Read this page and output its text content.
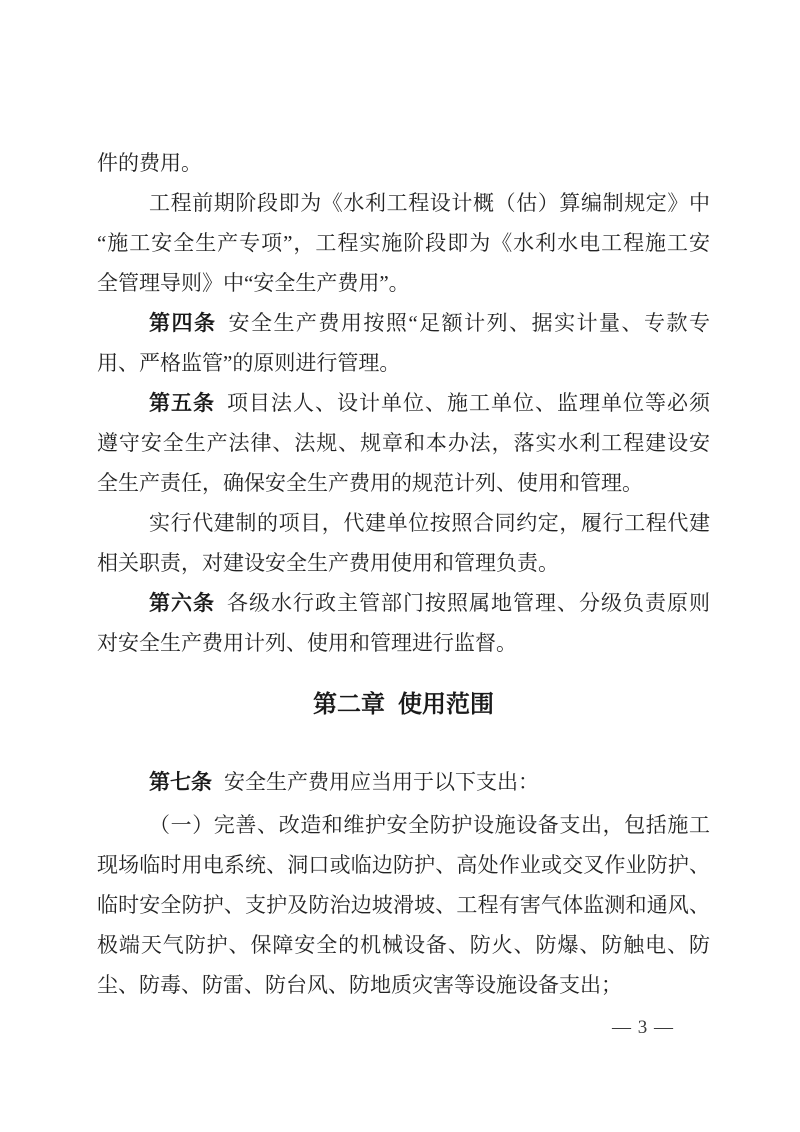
件的费用。
工程前期阶段即为《水利工程设计概（估）算编制规定》中
“施工安全生产专项”，工程实施阶段即为《水利水电工程施工安
全管理导则》中“安全生产费用”。
第四条 安全生产费用按照“足额计列、据实计量、专款专
用、严格监管”的原则进行管理。
第五条 项目法人、设计单位、施工单位、监理单位等必须
遵守安全生产法律、法规、规章和本办法，落实水利工程建设安
全生产责任，确保安全生产费用的规范计列、使用和管理。
实行代建制的项目，代建单位按照合同约定，履行工程代建
相关职责，对建设安全生产费用使用和管理负责。
第六条 各级水行政主管部门按照属地管理、分级负责原则
对安全生产费用计列、使用和管理进行监督。
第二章 使用范围
第七条 安全生产费用应当用于以下支出：
（一）完善、改造和维护安全防护设施设备支出，包括施工
现场临时用电系统、洞口或临边防护、高处作业或交叉作业防护、
临时安全防护、支护及防治边坡滑坡、工程有害气体监测和通风、
极端天气防护、保障安全的机械设备、防火、防爆、防触电、防
尘、防毒、防雷、防台风、防地质灾害等设施设备支出；
— 3 —
